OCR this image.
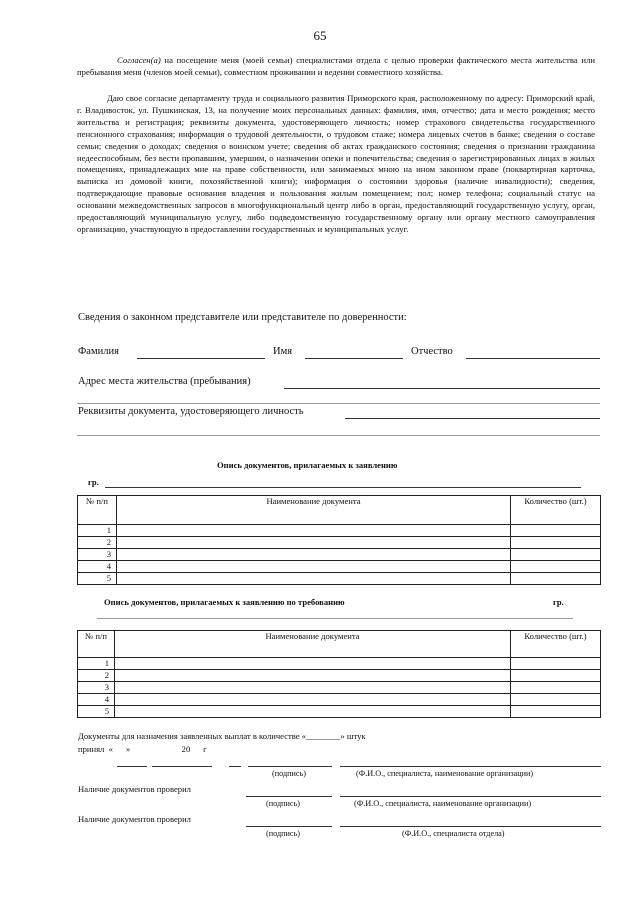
65
Согласен(а) на посещение меня (моей семьи) специалистами отдела с целью проверки фактического места жительства или пребывания меня (членов моей семьи), совместном проживании и ведении совместного хозяйства.
Даю свое согласие департаменту труда и социального развития Приморского края, расположенному по адресу: Приморский край, г. Владивосток, ул. Пушкинская, 13, на получение моих персональных данных: фамилия, имя, отчество; дата и место рождения; место жительства и регистрация; реквизиты документа, удостоверяющего личность; номер страхового свидетельства государственного пенсионного страхования; информация о трудовой деятельности, о трудовом стаже; номера лицевых счетов в банке; сведения о составе семьи; сведения о доходах; сведения о воинском учете; сведения об актах гражданского состояния; сведения о признании гражданина недееспособным, без вести пропавшим, умершим, о назначении опеки и попечительства; сведения о зарегистрированных лицах в жилых помещениях, принадлежащих мне на праве собственности, или занимаемых мною на ином законном праве (поквартирная карточка, выписка из домовой книги, похозяйственной книги); информация о состоянии здоровья (наличие инвалидности); сведения, подтверждающие правовые основания владения и пользования жилым помещением; пол; номер телефона; социальный статус на основании межведомственных запросов в многофункциональный центр либо в орган, предоставляющий государственную услугу, орган, предоставляющий муниципальную услугу, либо подведомственную государственному органу или органу местного самоуправления организацию, участвующую в предоставлении государственных и муниципальных услуг.
Сведения о законном представителе или представителе по доверенности:
Фамилия	Имя	Отчество
Адрес места жительства (пребывания)
Реквизиты документа, удостоверяющего личность
Опись документов, прилагаемых к заявлению
гр.
№ п/п	Наименование документа	Количество (шт.)
1		
2		
3		
4		
5		
Опись документов, прилагаемых к заявлению по требованию	гр.
№ п/п	Наименование документа	Количество (шт.)
1		
2		
3		
4		
5		
Документы для назначения заявленных выплат в количестве «________» штук
принял  «      »                        20      г
(подпись)	(Ф.И.О., специалиста, наименование организации)
Наличие документов проверил
(подпись)	(Ф.И.О., специалиста, наименование организации)
Наличие документов проверил
(подпись)	(Ф.И.О., специалиста отдела)
